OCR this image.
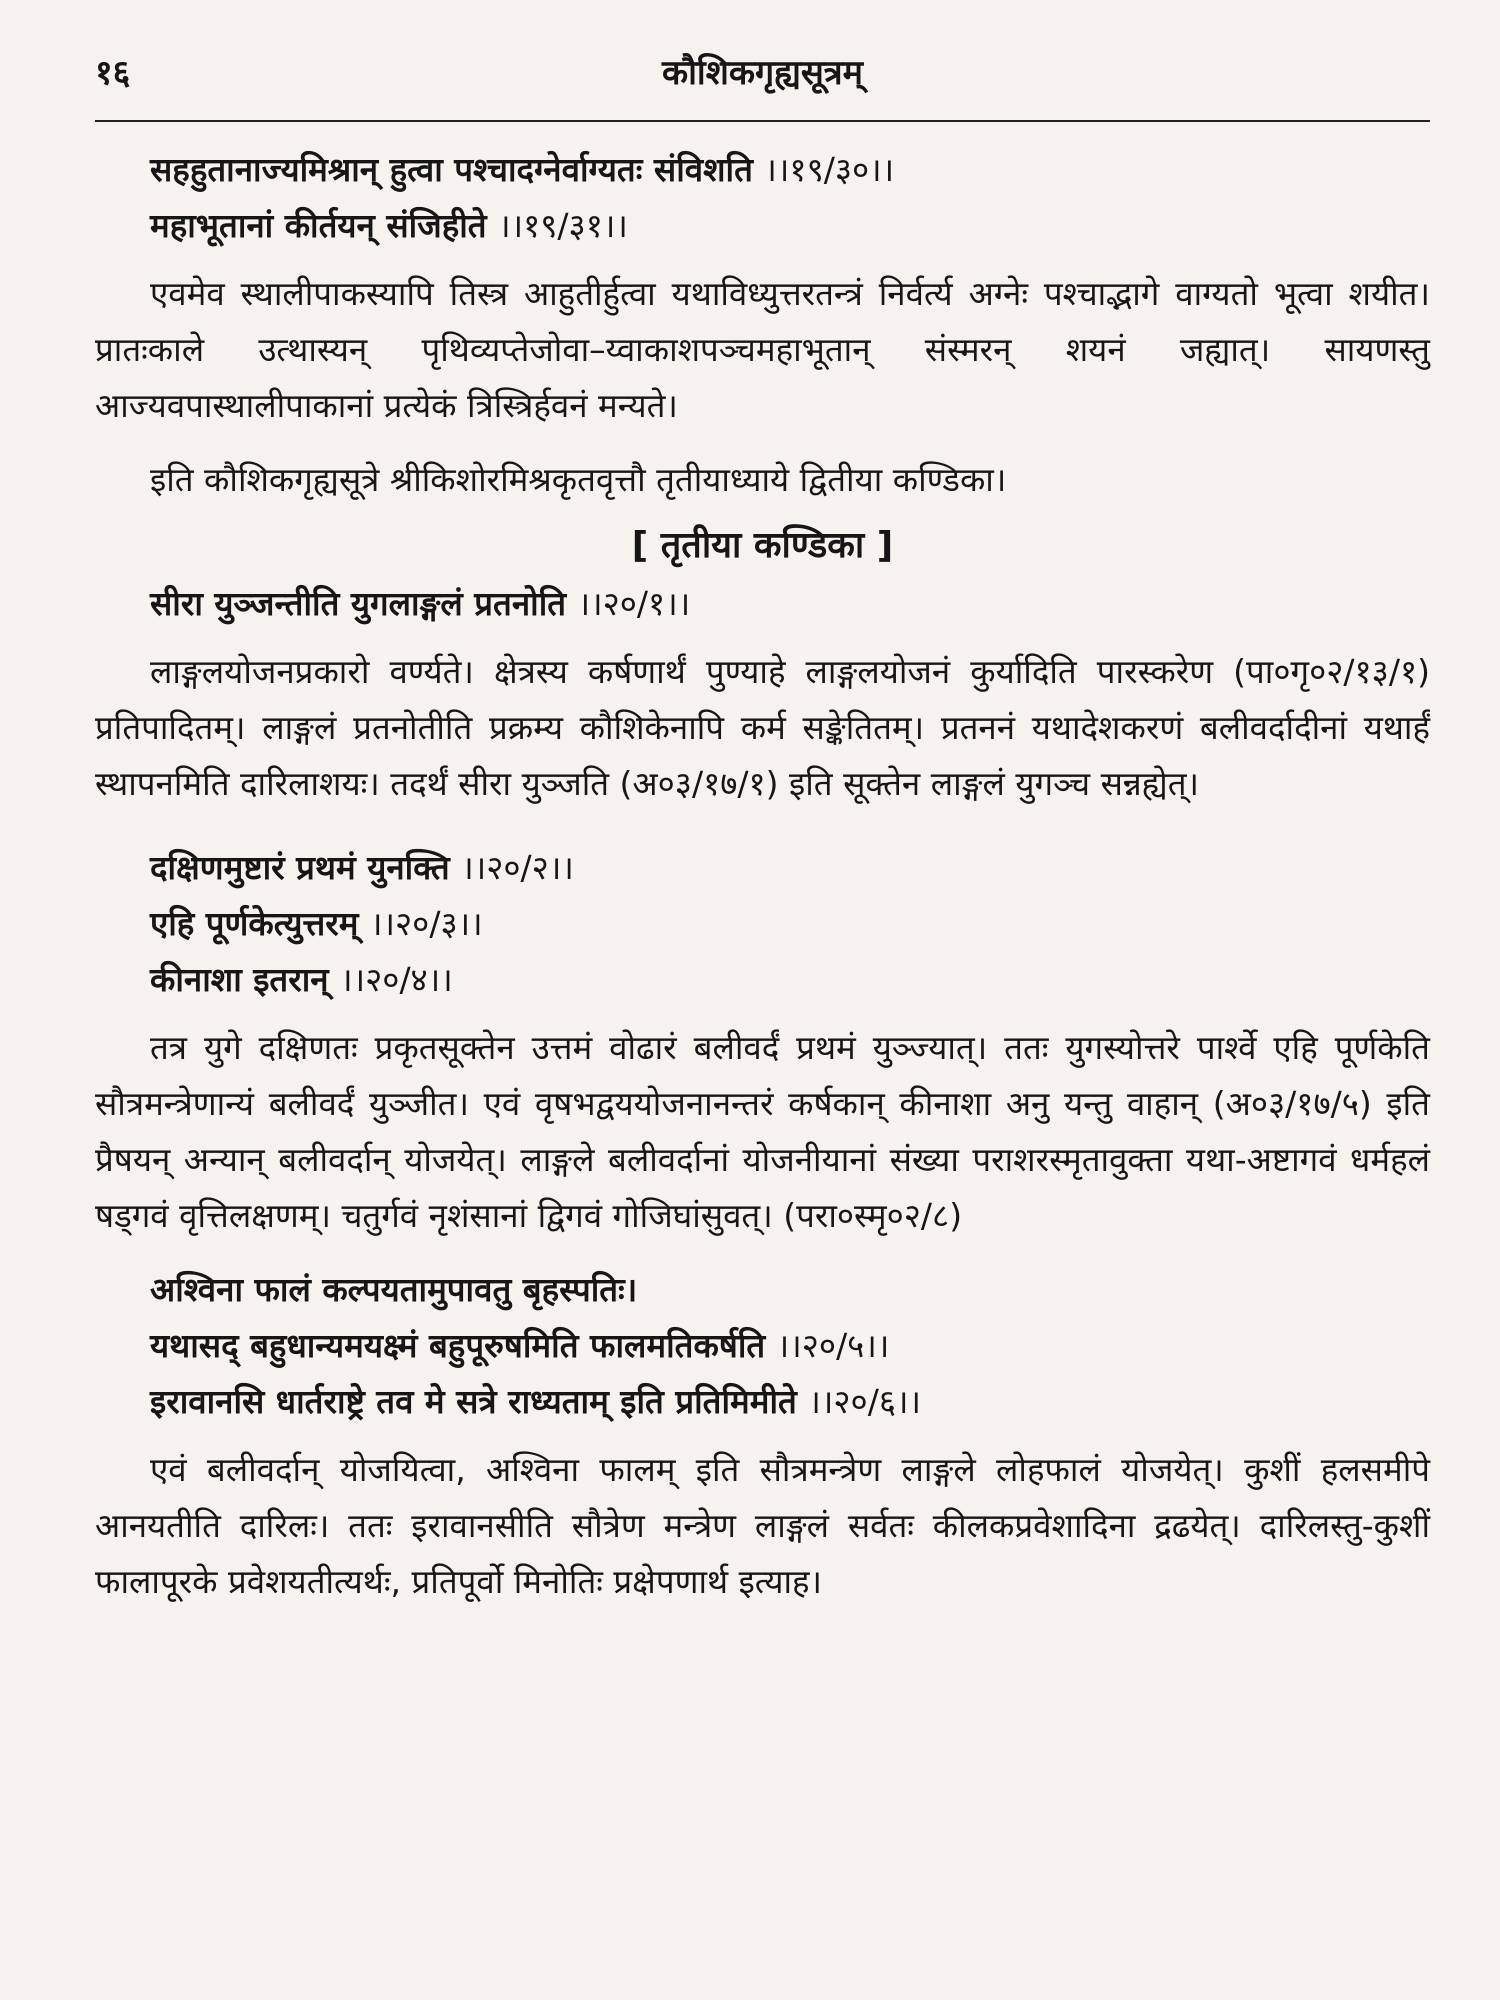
१६	कौशिकगृह्यसूत्रम्
सहहुतानाज्यमिश्रान् हुत्वा पश्चादग्नेर्वाग्यतः संविशति ।।१९/३०।।
महाभूतानां कीर्तयन् संजिहीते ।।१९/३१।।

एवमेव स्थालीपाकस्यापि तिस्त्र आहुतीर्हुत्वा यथाविध्युत्तरतन्त्रं निर्वर्त्य अग्नेः पश्चाद्भागे वाग्यतो भूत्वा शयीत। प्रातःकाले उत्थास्यन् पृथिव्यप्तेजोवा–य्वाकाशपञ्चमहाभूतान् संस्मरन् शयनं जह्यात्। सायणस्तु आज्यवपास्थालीपाकानां प्रत्येकं त्रिस्त्रिर्हवनं मन्यते।

इति कौशिकगृह्यसूत्रे श्रीकिशोरमिश्रकृतवृत्तौ तृतीयाध्याये द्वितीया कण्डिका।
[ तृतीया कण्डिका ]
सीरा युञ्जन्तीति युगलाङ्गलं प्रतनोति ।।२०/१।।

लाङ्गलयोजनप्रकारो वर्ण्यते। क्षेत्रस्य कर्षणार्थं पुण्याहे लाङ्गलयोजनं कुर्यादिति पारस्करेण (पा०गृ०२/१३/१) प्रतिपादितम्। लाङ्गलं प्रतनोतीति प्रक्रम्य कौशिकेनापि कर्म सङ्केतितम्। प्रतननं यथादेशकरणं बलीवर्दादीनां यथार्हं स्थापनमिति दारिलाशयः। तदर्थं सीरा युञ्जति (अ०३/१७/१) इति सूक्तेन लाङ्गलं युगञ्च सन्नह्येत्।

दक्षिणमुष्टारं प्रथमं युनक्ति ।।२०/२।।
एहि पूर्णकेत्युत्तरम् ।।२०/३।।
कीनाशा इतरान् ।।२०/४।।

तत्र युगे दक्षिणतः प्रकृतसूक्तेन उत्तमं वोढारं बलीवर्दं प्रथमं युञ्ज्यात्। ततः युगस्योत्तरे पार्श्वे एहि पूर्णकेति सौत्रमन्त्रेणान्यं बलीवर्दं युञ्जीत। एवं वृषभद्वययोजनानन्तरं कर्षकान् कीनाशा अनु यन्तु वाहान् (अ०३/१७/५) इति प्रैषयन् अन्यान् बलीवर्दान् योजयेत्। लाङ्गले बलीवर्दानां योजनीयानां संख्या पराशरस्मृतावुक्ता यथा-अष्टागवं धर्महलं षड्गवं वृत्तिलक्षणम्। चतुर्गवं नृशंसानां द्विगवं गोजिघांसुवत्। (परा०स्मृ०२/८)

अश्विना फालं कल्पयतामुपावतु बृहस्पतिः।
यथासद् बहुधान्यमयक्ष्मं बहुपूरुषमिति फालमतिकर्षति ।।२०/५।।
इरावानसि धार्तराष्ट्रे तव मे सत्रे राध्यताम् इति प्रतिमिमीते ।।२०/६।।

एवं बलीवर्दान् योजयित्वा, अश्विना फालम् इति सौत्रमन्त्रेण लाङ्गले लोहफालं योजयेत्। कुशीं हलसमीपे आनयतीति दारिलः। ततः इरावानसीति सौत्रेण मन्त्रेण लाङ्गलं सर्वतः कीलकप्रवेशादिना द्रढयेत्। दारिलस्तु-कुशीं फालापूरके प्रवेशयतीत्यर्थः, प्रतिपूर्वो मिनोतिः प्रक्षेपणार्थ इत्याह।
